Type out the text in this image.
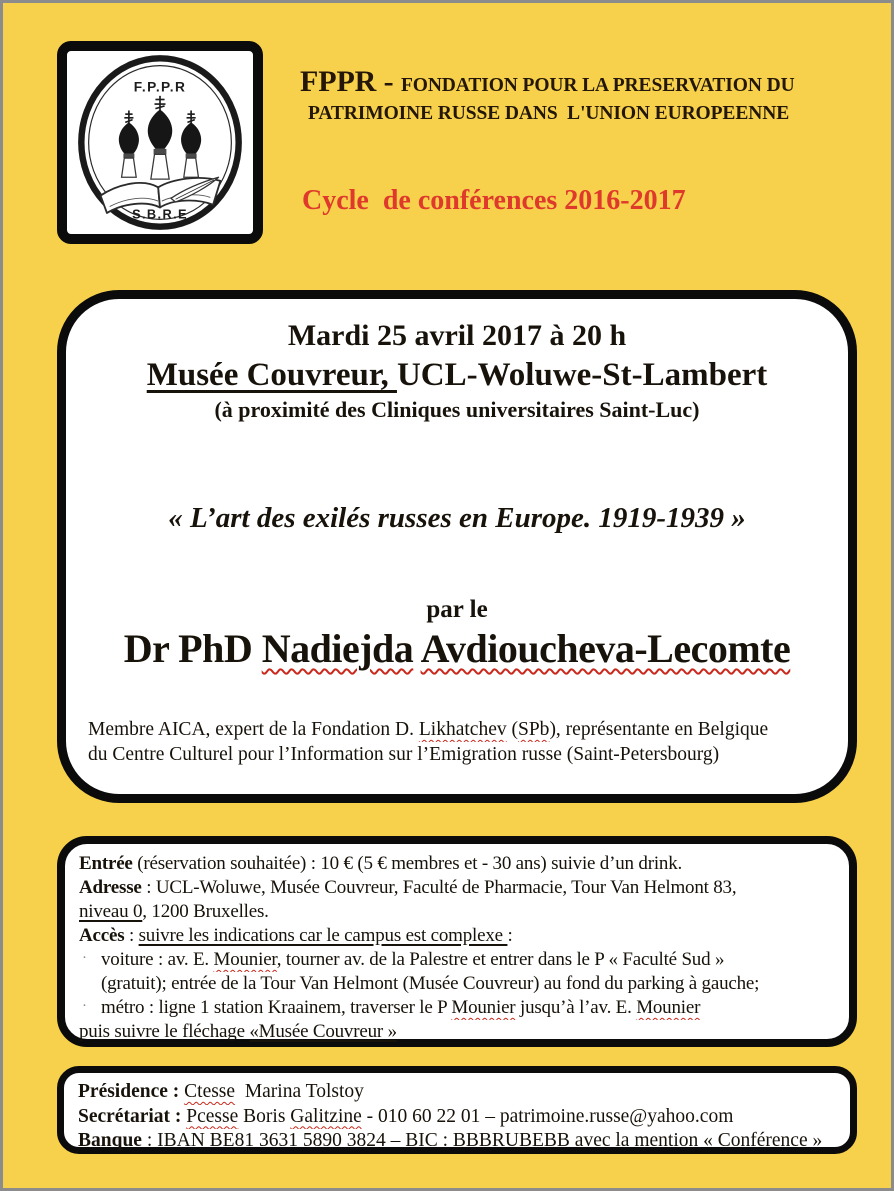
F.P.P.R
S.B.R.E
FPPR - FONDATION POUR LA PRESERVATION DU
PATRIMOINE RUSSE DANS  L'UNION EUROPEENNE
Cycle  de conférences 2016-2017
Mardi 25 avril 2017 à 20 h
Musée Couvreur, UCL-Woluwe-St-Lambert
(à proximité des Cliniques universitaires Saint-Luc)
« L’art des exilés russes en Europe. 1919-1939 »
par le
Dr PhD Nadiejda Avdioucheva-Lecomte
Membre AICA, expert de la Fondation D. Likhatchev (SPb), représentante en Belgique
du Centre Culturel pour l’Information sur l’Emigration russe (Saint-Petersbourg)
Entrée (réservation souhaitée) : 10 € (5 € membres et - 30 ans) suivie d’un drink.
Adresse : UCL-Woluwe, Musée Couvreur, Faculté de Pharmacie, Tour Van Helmont 83,
niveau 0, 1200 Bruxelles.
Accès : suivre les indications car le campus est complexe :
· voiture : av. E. Mounier, tourner av. de la Palestre et entrer dans le P « Faculté Sud »
(gratuit); entrée de la Tour Van Helmont (Musée Couvreur) au fond du parking à gauche;
· métro : ligne 1 station Kraainem, traverser le P Mounier jusqu’à l’av. E. Mounier
puis suivre le fléchage «Musée Couvreur »
Présidence : Ctesse  Marina Tolstoy
Secrétariat : Pcesse Boris Galitzine - 010 60 22 01 – patrimoine.russe@yahoo.com
Banque : IBAN BE81 3631 5890 3824 – BIC : BBBRUBEBB avec la mention « Conférence »
